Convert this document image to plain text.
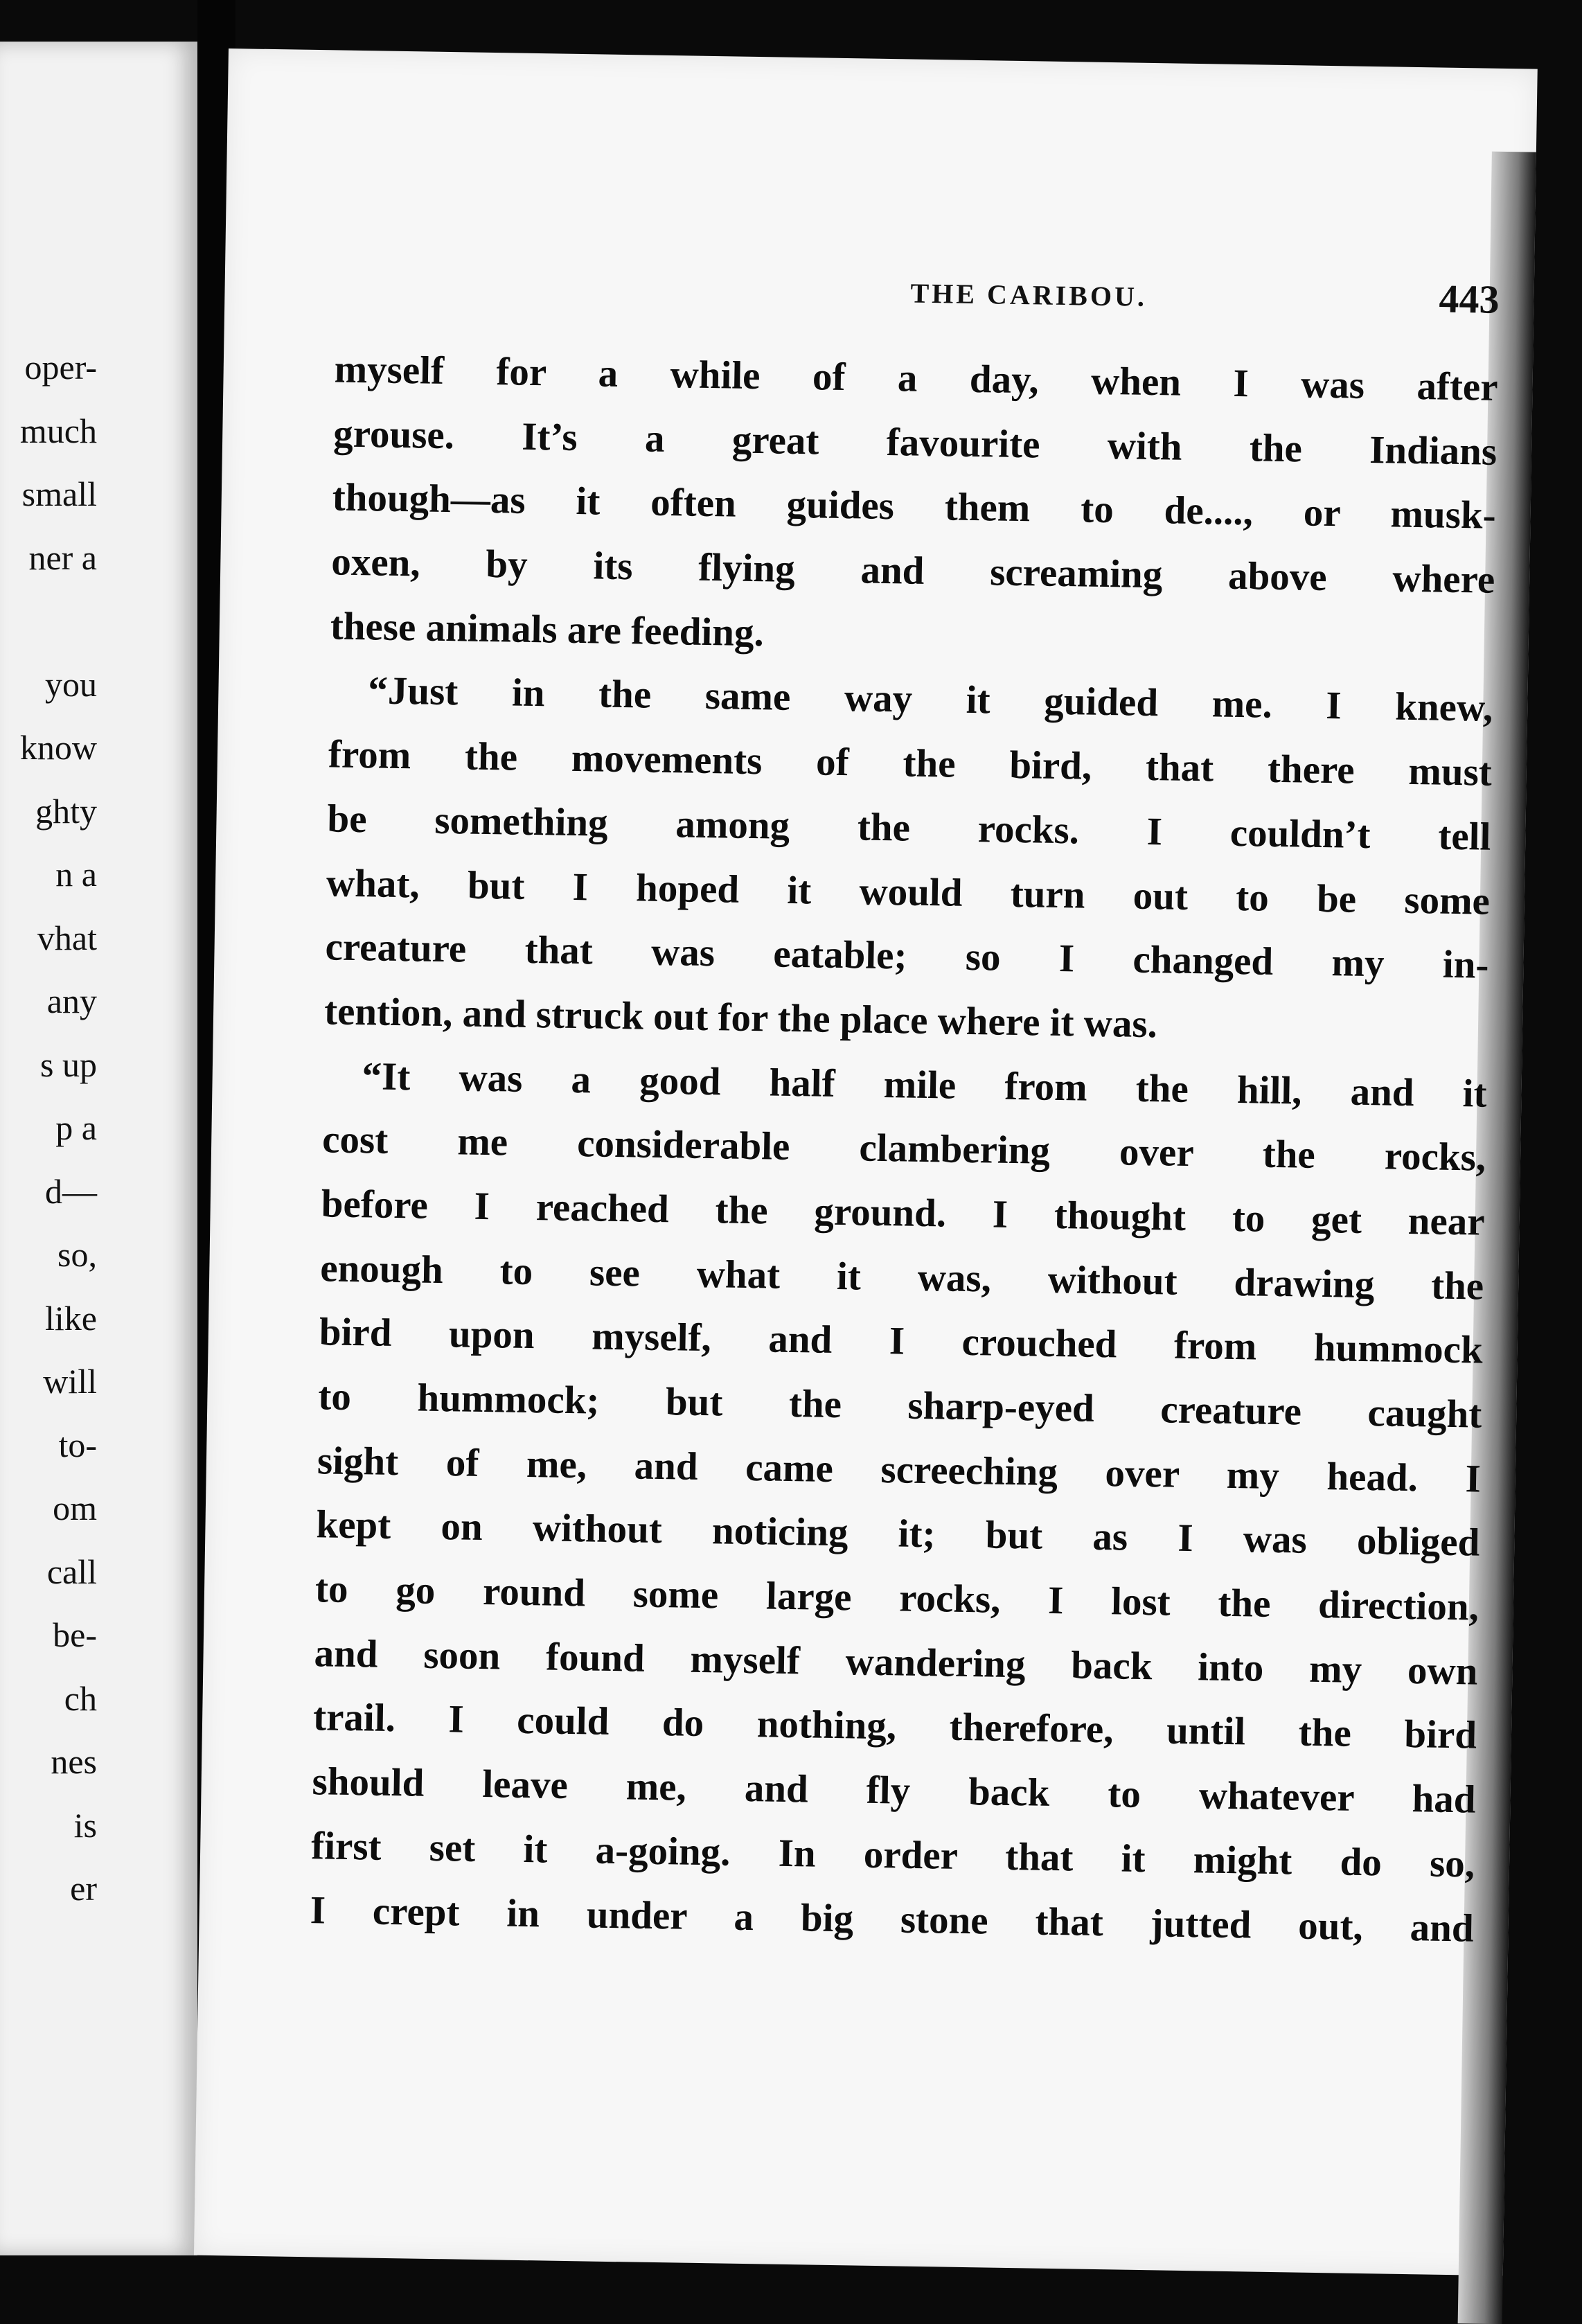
oper-
much
small
ner a
you
know
ghty
n a
vhat
any
s up
p a
d—
so,
like
will
to-
om
call
be-
ch
nes
is
er
THE CARIBOU.	443
myself for a while of a day, when I was after
grouse. It’s a great favourite with the Indians
though—as it often guides them to de...., or musk-
oxen, by its flying and screaming above where
these animals are feeding.
“Just in the same way it guided me. I knew,
from the movements of the bird, that there must
be something among the rocks. I couldn’t tell
what, but I hoped it would turn out to be some
creature that was eatable; so I changed my in-
tention, and struck out for the place where it was.
“It was a good half mile from the hill, and it
cost me considerable clambering over the rocks,
before I reached the ground. I thought to get near
enough to see what it was, without drawing the
bird upon myself, and I crouched from hummock
to hummock; but the sharp-eyed creature caught
sight of me, and came screeching over my head. I
kept on without noticing it; but as I was obliged
to go round some large rocks, I lost the direction,
and soon found myself wandering back into my own
trail. I could do nothing, therefore, until the bird
should leave me, and fly back to whatever had
first set it a-going. In order that it might do so,
I crept in under a big stone that jutted out, and
